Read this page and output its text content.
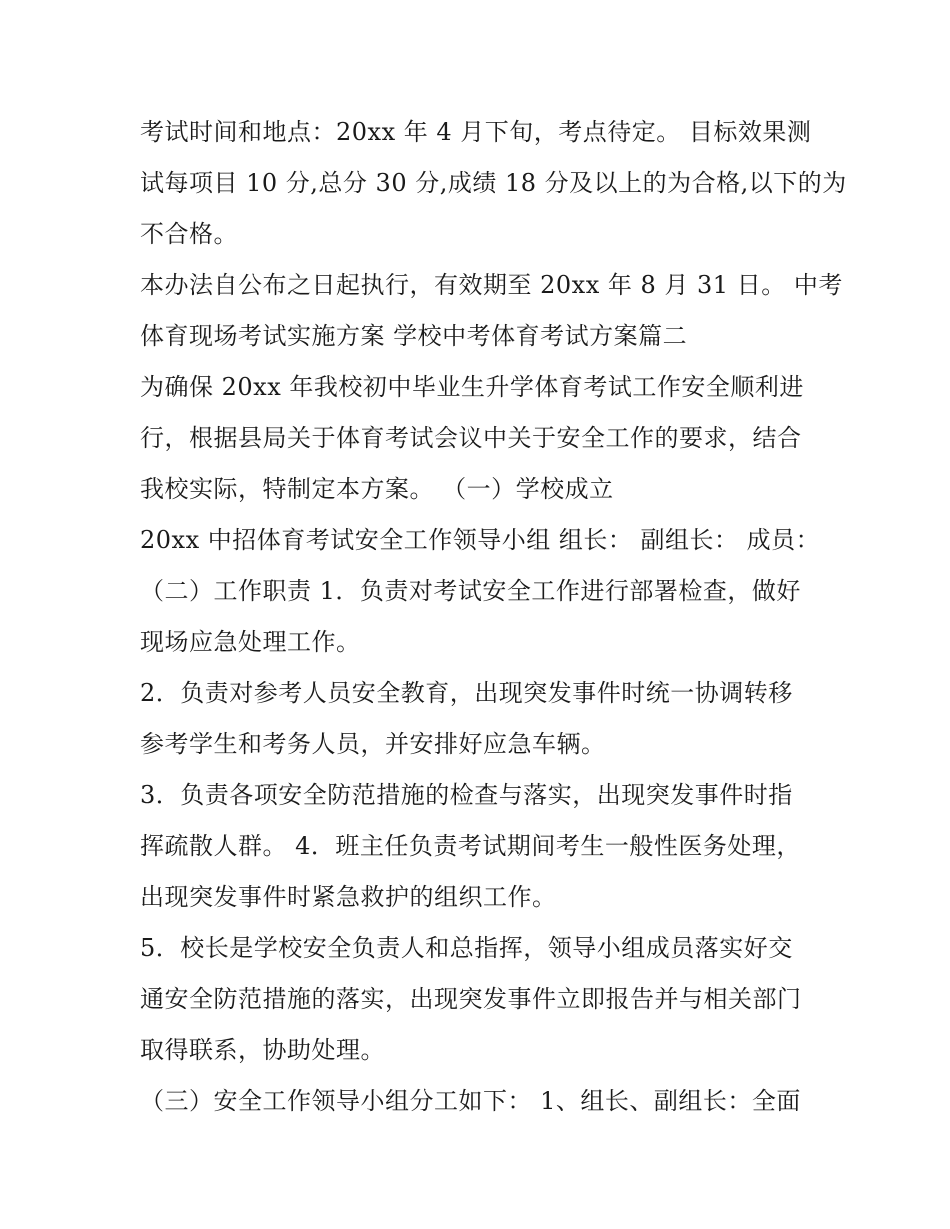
考试时间和地点：20xx 年 4 月下旬，考点待定。 目标效果测
试每项目 10 分,总分 30 分,成绩 18 分及以上的为合格,以下的为
不合格。
本办法自公布之日起执行，有效期至 20xx 年 8 月 31 日。 中考
体育现场考试实施方案 学校中考体育考试方案篇二
为确保 20xx 年我校初中毕业生升学体育考试工作安全顺利进
行，根据县局关于体育考试会议中关于安全工作的要求，结合
我校实际，特制定本方案。 （一）学校成立
20xx 中招体育考试安全工作领导小组 组长： 副组长： 成员：
（二）工作职责 1．负责对考试安全工作进行部署检查，做好
现场应急处理工作。
2．负责对参考人员安全教育，出现突发事件时统一协调转移
参考学生和考务人员，并安排好应急车辆。
3．负责各项安全防范措施的检查与落实，出现突发事件时指
挥疏散人群。 4．班主任负责考试期间考生一般性医务处理，
出现突发事件时紧急救护的组织工作。
5．校长是学校安全负责人和总指挥，领导小组成员落实好交
通安全防范措施的落实，出现突发事件立即报告并与相关部门
取得联系，协助处理。
（三）安全工作领导小组分工如下： 1、组长、副组长：全面
